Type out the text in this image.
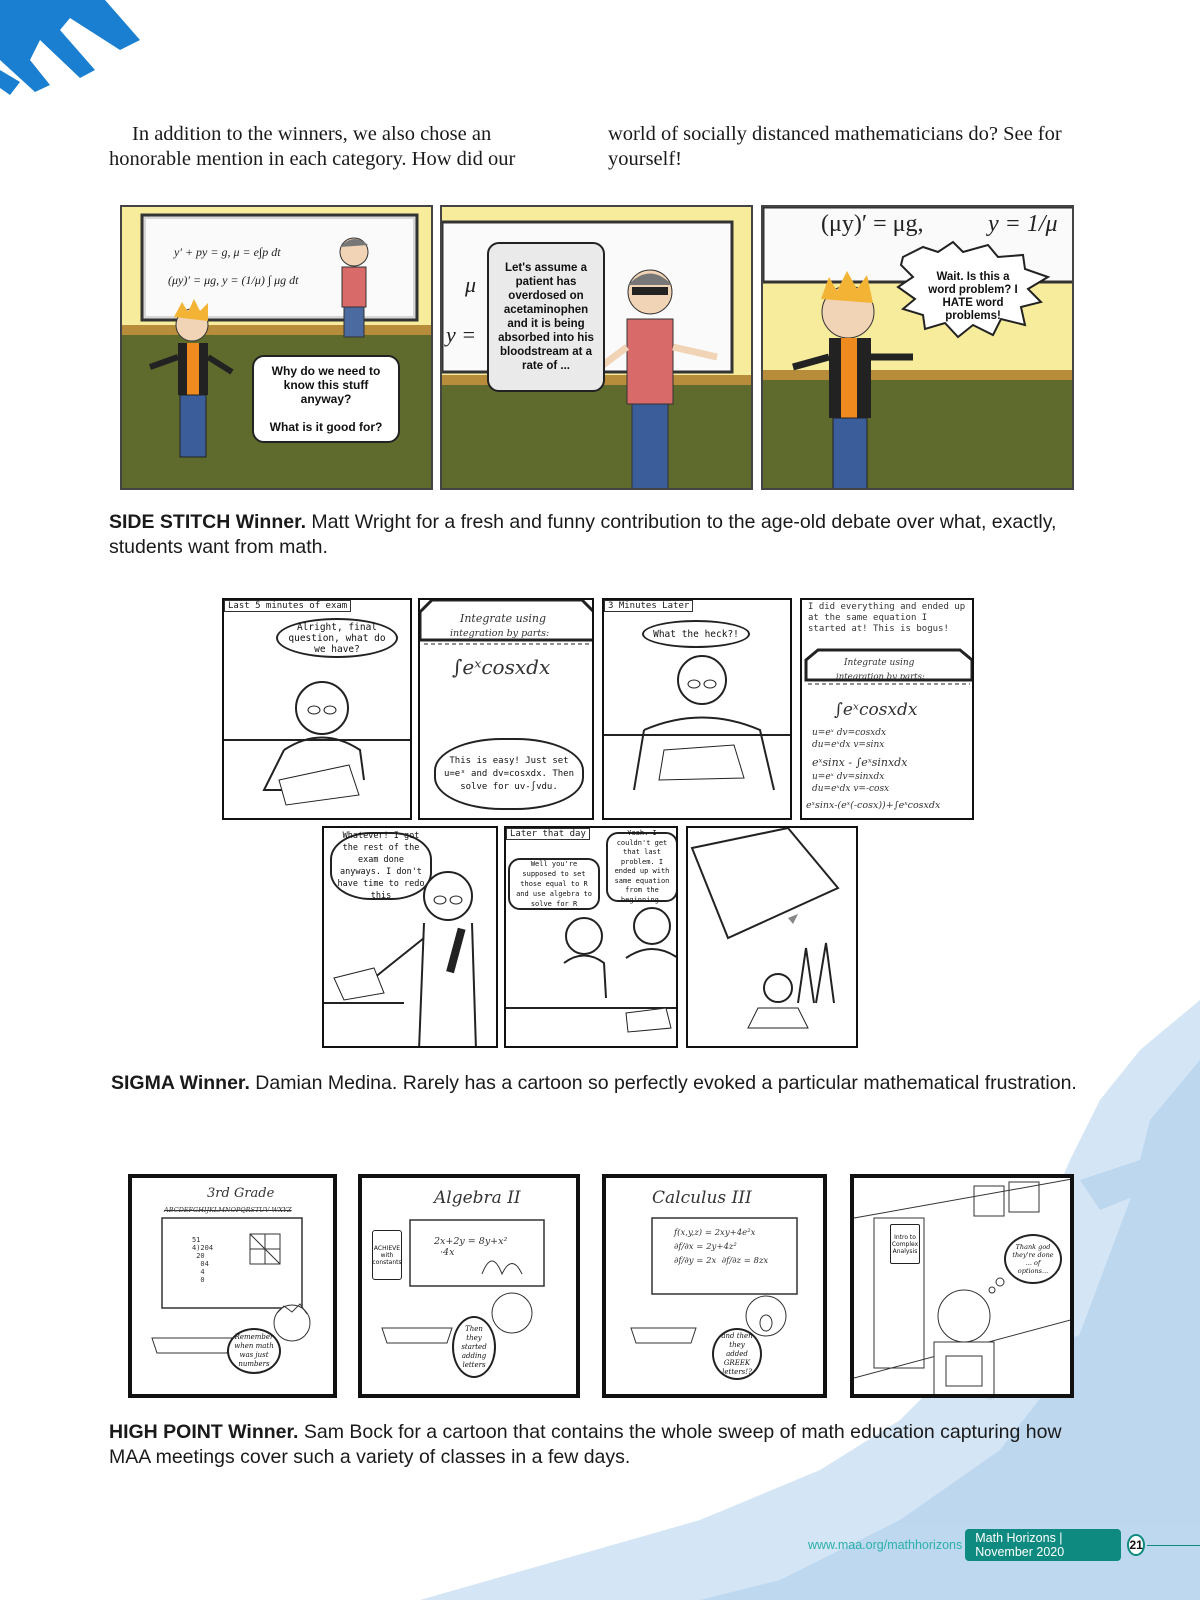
In addition to the winners, we also chose an honorable mention in each category. How did our

world of socially distanced mathematicians do? See for yourself!

y′ + py = g, μ = e∫p dt
(μy)′ = μg, y = (1/μ) ∫ μg dt
Why do we need to know this stuff anyway?

What is it good for?
μ
y =
Let's assume a patient has overdosed on acetaminophen and it is being absorbed into his bloodstream at a rate of ...
(μy)′ = μg,	y = 1/μ
Wait. Is this a word problem? I HATE word problems!
SIDE STITCH Winner. Matt Wright for a fresh and funny contribution to the age-old debate over what, exactly, students want from math.
Last 5 minutes of exam
Alright, final question, what do we have?
Integrate using
integration by parts:
∫eˣcosxdx
This is easy! Just set u=eˣ and dv=cosxdx. Then solve for uv-∫vdu.
3 Minutes Later
What the heck?!
I did everything and ended up at the same equation I started at! This is bogus!
Integrate using
integration by parts:
∫eˣcosxdx
u=eˣ dv=cosxdx
du=eˣdx v=sinx
eˣsinx - ∫eˣsinxdx
u=eˣ dv=sinxdx
du=eˣdx v=-cosx
eˣsinx-(eˣ(-cosx))+∫eˣcosxdx
Whatever! I got the rest of the exam done anyways. I don't have time to redo this
Later that day
Well you're supposed to set those equal to R and use algebra to solve for R
Yeah. I couldn't get that last problem. I ended up with same equation from the beginning.
SIGMA Winner. Damian Medina. Rarely has a cartoon so perfectly evoked a particular mathematical frustration.
3rd Grade
ABCDEFGHIJKLMNOPQRSTUV WXYZ
51
4)204
20
04
4
0
Remember when math was just numbers
Algebra II
2x+2y = 8y+x²
·4x
ACHIEVE with constants
Then they started adding letters
Calculus III
f(x,y,z) = 2xy+4e²x
∂f/∂x = 2y+4z²
∂f/∂y = 2x  ∂f/∂z = 8zx
and then they added GREEK letters!?
Intro to Complex Analysis	Thank god they're done ... of options...
HIGH POINT Winner. Sam Bock for a cartoon that contains the whole sweep of math education capturing how MAA meetings cover such a variety of classes in a few days.
www.maa.org/mathhorizons	Math Horizons | November 2020	21
